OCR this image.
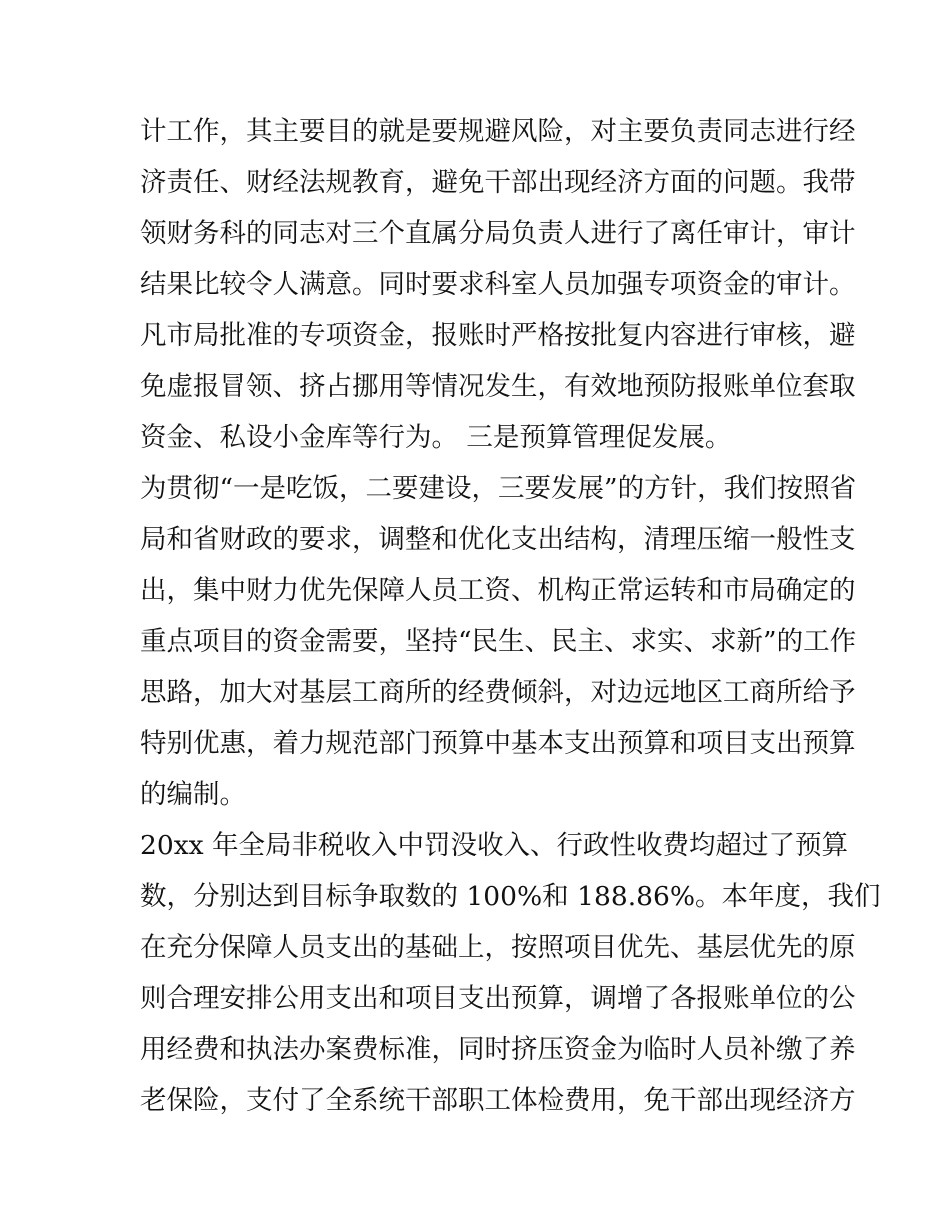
计工作，其主要目的就是要规避风险，对主要负责同志进行经
济责任、财经法规教育，避免干部出现经济方面的问题。我带
领财务科的同志对三个直属分局负责人进行了离任审计，审计
结果比较令人满意。同时要求科室人员加强专项资金的审计。
凡市局批准的专项资金，报账时严格按批复内容进行审核，避
免虚报冒领、挤占挪用等情况发生，有效地预防报账单位套取
资金、私设小金库等行为。 三是预算管理促发展。
为贯彻“一是吃饭，二要建设，三要发展”的方针，我们按照省
局和省财政的要求，调整和优化支出结构，清理压缩一般性支
出，集中财力优先保障人员工资、机构正常运转和市局确定的
重点项目的资金需要，坚持“民生、民主、求实、求新”的工作
思路，加大对基层工商所的经费倾斜，对边远地区工商所给予
特别优惠，着力规范部门预算中基本支出预算和项目支出预算
的编制。
20xx 年全局非税收入中罚没收入、行政性收费均超过了预算
数，分别达到目标争取数的 100%和 188.86%。本年度，我们
在充分保障人员支出的基础上，按照项目优先、基层优先的原
则合理安排公用支出和项目支出预算，调增了各报账单位的公
用经费和执法办案费标准，同时挤压资金为临时人员补缴了养
老保险，支付了全系统干部职工体检费用，免干部出现经济方
